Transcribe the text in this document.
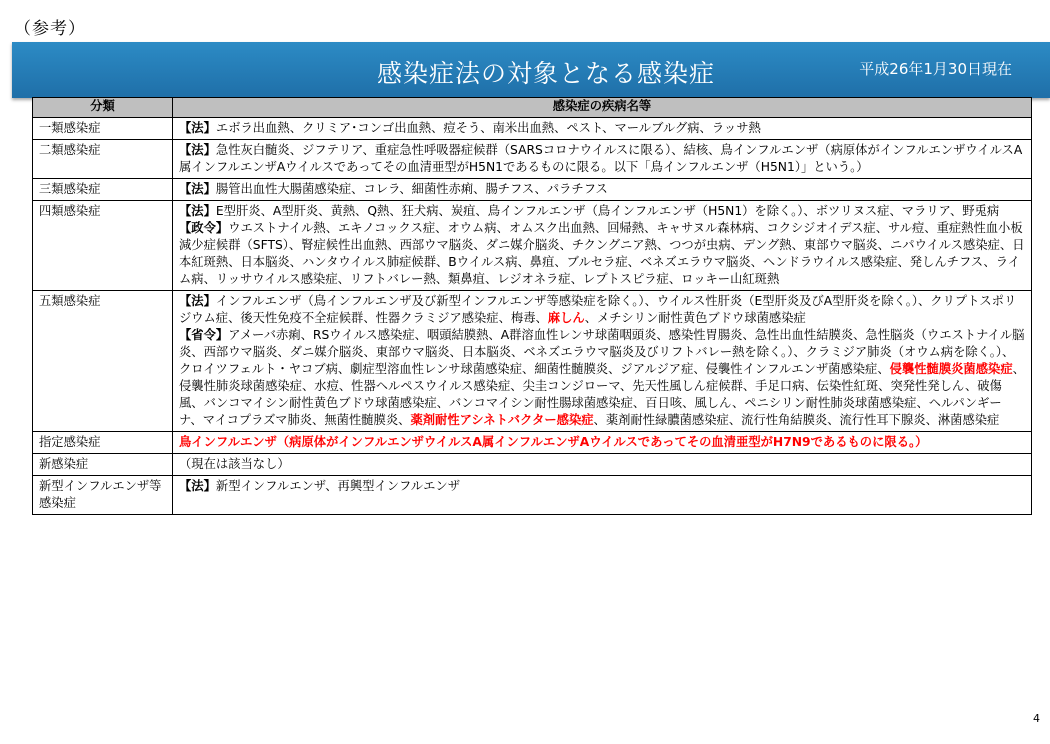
（参考）
感染症法の対象となる感染症	平成26年1月30日現在
分類	感染症の疾病名等
一類感染症	【法】エボラ出血熱、クリミア･コンゴ出血熱、痘そう、南米出血熱、ペスト、マールブルグ病、ラッサ熱

二類感染症	【法】急性灰白髄炎、ジフテリア、重症急性呼吸器症候群（SARSコロナウイルスに限る）、結核、鳥インフルエンザ（病原体がインフルエンザウイルスA属インフルエンザAウイルスであってその血清亜型がH5N1であるものに限る。以下「鳥インフルエンザ（H5N1）」という。）

三類感染症	【法】腸管出血性大腸菌感染症、コレラ、細菌性赤痢、腸チフス、パラチフス

四類感染症	【法】E型肝炎、A型肝炎、黄熱、Q熱、狂犬病、炭疽、鳥インフルエンザ（鳥インフルエンザ（H5N1）を除く。）、ボツリヌス症、マラリア、野兎病
【政令】ウエストナイル熱、エキノコックス症、オウム病、オムスク出血熱、回帰熱、キャサヌル森林病、コクシジオイデス症、サル痘、重症熱性血小板減少症候群（SFTS）、腎症候性出血熱、西部ウマ脳炎、ダニ媒介脳炎、チクングニア熱、つつが虫病、デング熱、東部ウマ脳炎、ニパウイルス感染症、日本紅斑熱、日本脳炎、ハンタウイルス肺症候群、Bウイルス病、鼻疽、ブルセラ症、ベネズエラウマ脳炎、ヘンドラウイルス感染症、発しんチフス、ライム病、リッサウイルス感染症、リフトバレー熱、類鼻疽、レジオネラ症、レプトスピラ症、ロッキー山紅斑熱

五類感染症	【法】インフルエンザ（鳥インフルエンザ及び新型インフルエンザ等感染症を除く。）、ウイルス性肝炎（E型肝炎及びA型肝炎を除く。）、クリプトスポリジウム症、後天性免疫不全症候群、性器クラミジア感染症、梅毒、麻しん、メチシリン耐性黄色ブドウ球菌感染症
【省令】アメーバ赤痢、RSウイルス感染症、咽頭結膜熱、A群溶血性レンサ球菌咽頭炎、感染性胃腸炎、急性出血性結膜炎、急性脳炎（ウエストナイル脳炎、西部ウマ脳炎、ダニ媒介脳炎、東部ウマ脳炎、日本脳炎、ベネズエラウマ脳炎及びリフトバレー熱を除く。）、クラミジア肺炎（オウム病を除く。）、クロイツフェルト・ヤコブ病、劇症型溶血性レンサ球菌感染症、細菌性髄膜炎、ジアルジア症、侵襲性インフルエンザ菌感染症、侵襲性髄膜炎菌感染症、侵襲性肺炎球菌感染症、水痘、性器ヘルペスウイルス感染症、尖圭コンジローマ、先天性風しん症候群、手足口病、伝染性紅斑、突発性発しん、破傷風、バンコマイシン耐性黄色ブドウ球菌感染症、バンコマイシン耐性腸球菌感染症、百日咳、風しん、ペニシリン耐性肺炎球菌感染症、ヘルパンギーナ、マイコプラズマ肺炎、無菌性髄膜炎、薬剤耐性アシネトバクター感染症、薬剤耐性緑膿菌感染症、流行性角結膜炎、流行性耳下腺炎、淋菌感染症

指定感染症	鳥インフルエンザ（病原体がインフルエンザウイルスA属インフルエンザAウイルスであってその血清亜型がH7N9であるものに限る。）

新感染症	（現在は該当なし）

新型インフルエンザ等感染症	【法】新型インフルエンザ、再興型インフルエンザ
4
